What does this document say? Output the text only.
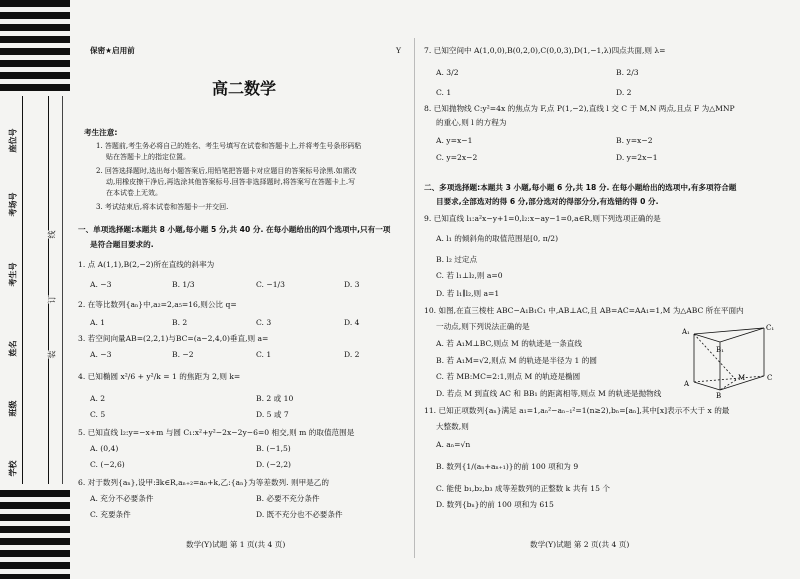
座位号
考场号
考生号
姓名
班级
学校
线
订
装
保密★启用前	Y
高二数学
考生注意:
1. 答题前,考生务必将自己的姓名、考生号填写在试卷和答题卡上,并将考生号条形码粘
贴在答题卡上的指定位置。
2. 回答选择题时,选出每小题答案后,用铅笔把答题卡对应题目的答案标号涂黑.如需改
动,用橡皮擦干净后,再选涂其他答案标号.回答非选择题时,将答案写在答题卡上.写
在本试卷上无效。
3. 考试结束后,将本试卷和答题卡一并交回.
一、单项选择题:本题共 8 小题,每小题 5 分,共 40 分. 在每小题给出的四个选项中,只有一项
是符合题目要求的.
1. 点 A(1,1),B(2,−2)所在直线的斜率为
A. −3	B. 1/3	C. −1/3	D. 3
2. 在等比数列{aₙ}中,a₂=2,a₅=16,则公比 q=
A. 1	B. 2	C. 3	D. 4
3. 若空间向量AB=(2,2,1)与BC=(a−2,4,0)垂直,则 a=
A. −3	B. −2	C. 1	D. 2
4. 已知椭圆 x²/6 + y²/k = 1 的焦距为 2,则 k=
A. 2	B. 2 或 10
C. 5	D. 5 或 7
5. 已知直线 l₂:y=−x+m 与圆 C₁:x²+y²−2x−2y−6=0 相交,则 m 的取值范围是
A. (0,4)	B. (−1,5)
C. (−2,6)	D. (−2,2)
6. 对于数列{aₙ},设甲:∃k∈R,aₙ₊₂=aₙ+k,乙:{aₙ}为等差数列. 则甲是乙的
A. 充分不必要条件	B. 必要不充分条件
C. 充要条件	D. 既不充分也不必要条件
数学(Y)试题 第 1 页(共 4 页)
7. 已知空间中 A(1,0,0),B(0,2,0),C(0,0,3),D(1,−1,λ)四点共面,则 λ=
A. 3/2	B. 2/3
C. 1	D. 2
8. 已知抛物线 C:y²=4x 的焦点为 F,点 P(1,−2),直线 l 交 C 于 M,N 两点,且点 F 为△MNP
的重心,则 l 的方程为
A. y=x−1	B. y=x−2
C. y=2x−2	D. y=2x−1
二、多项选择题:本题共 3 小题,每小题 6 分,共 18 分. 在每小题给出的选项中,有多项符合题
目要求,全部选对的得 6 分,部分选对的得部分分,有选错的得 0 分.
9. 已知直线 l₁:a²x−y+1=0,l₂:x−ay−1=0,a∈R,则下列选项正确的是
A. l₁ 的倾斜角的取值范围是[0, π/2)
B. l₂ 过定点
C. 若 l₁⊥l₂,则 a=0
D. 若 l₁∥l₂,则 a=1
10. 如图,在直三棱柱 ABC−A₁B₁C₁ 中,AB⊥AC,且 AB=AC=AA₁=1,M 为△ABC 所在平面内
一动点,则下列说法正确的是
A. 若 A₁M⊥BC,则点 M 的轨迹是一条直线
B. 若 A₁M=√2,则点 M 的轨迹是半径为 1 的圆
C. 若 MB:MC=2:1,则点 M 的轨迹是椭圆
D. 若点 M 到直线 AC 和 BB₁ 的距离相等,则点 M 的轨迹是抛物线
A₁
B₁
C₁
A
B
C
M
11. 已知正项数列{aₙ}满足 a₁=1,aₙ²−aₙ₋₁²=1(n≥2),bₙ=[aₙ],其中[x]表示不大于 x 的最
大整数,则
A. aₙ=√n
B. 数列{1/(aₙ+aₙ₊₁)}的前 100 项和为 9
C. 能使 b₁,b₂,b₃ 成等差数列的正整数 k 共有 15 个
D. 数列{bₙ}的前 100 项和为 615
数学(Y)试题 第 2 页(共 4 页)
